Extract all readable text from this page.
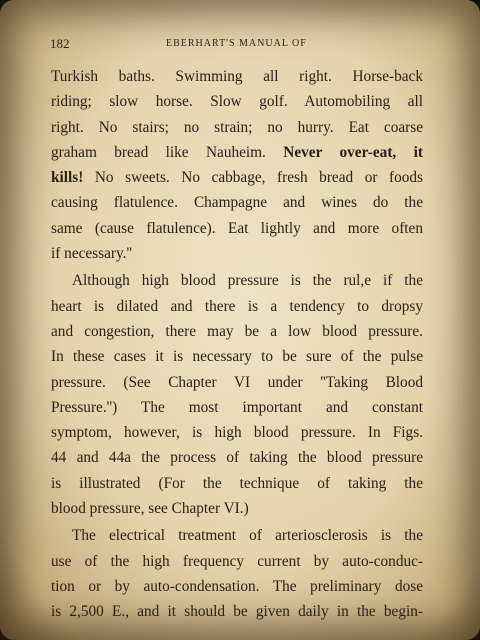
182	EBERHART'S MANUAL OF
Turkish baths. Swimming all right. Horse-back
riding; slow horse. Slow golf. Automobiling all
right. No stairs; no strain; no hurry. Eat coarse
graham bread like Nauheim. Never over-eat, it
kills! No sweets. No cabbage, fresh bread or foods
causing flatulence. Champagne and wines do the
same (cause flatulence). Eat lightly and more often
if necessary.''
Although high blood pressure is the rul,e if the
heart is dilated and there is a tendency to dropsy
and congestion, there may be a low blood pressure.
In these cases it is necessary to be sure of the pulse
pressure. (See Chapter VI under ''Taking Blood
Pressure.'') The most important and constant
symptom, however, is high blood pressure. In Figs.
44 and 44a the process of taking the blood pressure
is illustrated (For the technique of taking the
blood pressure, see Chapter VI.)
The electrical treatment of arteriosclerosis is the
use of the high frequency current by auto-conduc-
tion or by auto-condensation. The preliminary dose
is 2,500 E., and it should be given daily in the begin-
